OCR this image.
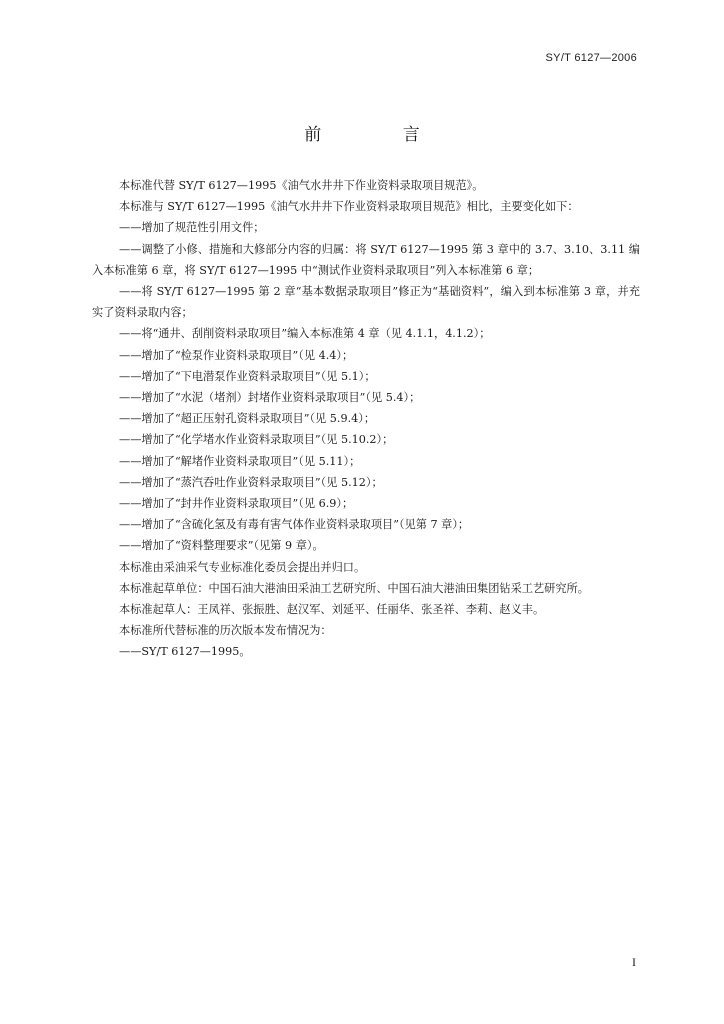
SY/T 6127—2006
前 言

本标准代替 SY/T 6127—1995《油气水井井下作业资料录取项目规范》。

本标准与 SY/T 6127—1995《油气水井井下作业资料录取项目规范》相比，主要变化如下：

——增加了规范性引用文件；

——调整了小修、措施和大修部分内容的归属：将 SY/T 6127—1995 第 3 章中的 3.7、3.10、3.11 编入本标准第 6 章，将 SY/T 6127—1995 中“测试作业资料录取项目”列入本标准第 6 章；

——将 SY/T 6127—1995 第 2 章“基本数据录取项目”修正为“基础资料”，编入到本标准第 3 章，并充实了资料录取内容；

——将“通井、刮削资料录取项目”编入本标准第 4 章（见 4.1.1，4.1.2）；

——增加了“检泵作业资料录取项目”（见 4.4）；

——增加了“下电潜泵作业资料录取项目”（见 5.1）；

——增加了“水泥（堵剂）封堵作业资料录取项目”（见 5.4）；

——增加了“超正压射孔资料录取项目”（见 5.9.4）；

——增加了“化学堵水作业资料录取项目”（见 5.10.2）；

——增加了“解堵作业资料录取项目”（见 5.11）；

——增加了“蒸汽吞吐作业资料录取项目”（见 5.12）；

——增加了“封井作业资料录取项目”（见 6.9）；

——增加了“含硫化氢及有毒有害气体作业资料录取项目”（见第 7 章）；

——增加了“资料整理要求”（见第 9 章）。

本标准由采油采气专业标准化委员会提出并归口。

本标准起草单位：中国石油大港油田采油工艺研究所、中国石油大港油田集团钻采工艺研究所。

本标准起草人：王凤祥、张振胜、赵汉军、刘延平、任丽华、张圣祥、李莉、赵义丰。

本标准所代替标准的历次版本发布情况为：

——SY/T 6127—1995。

I
